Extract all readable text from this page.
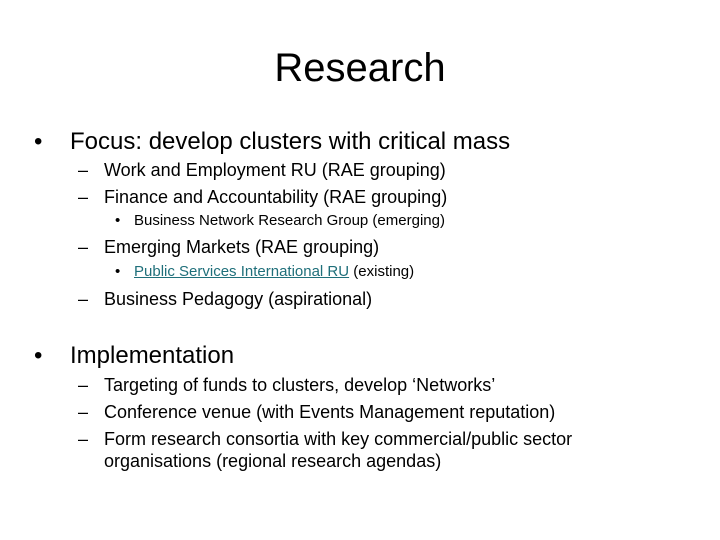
Research
• Focus: develop clusters with critical mass
– Work and Employment RU (RAE grouping)
– Finance and Accountability (RAE grouping)
• Business Network Research Group (emerging)
– Emerging Markets (RAE grouping)
• Public Services International RU (existing)
– Business Pedagogy (aspirational)
• Implementation
– Targeting of funds to clusters, develop ‘Networks’
– Conference venue (with Events Management reputation)
– Form research consortia with key commercial/public sector
organisations (regional research agendas)
